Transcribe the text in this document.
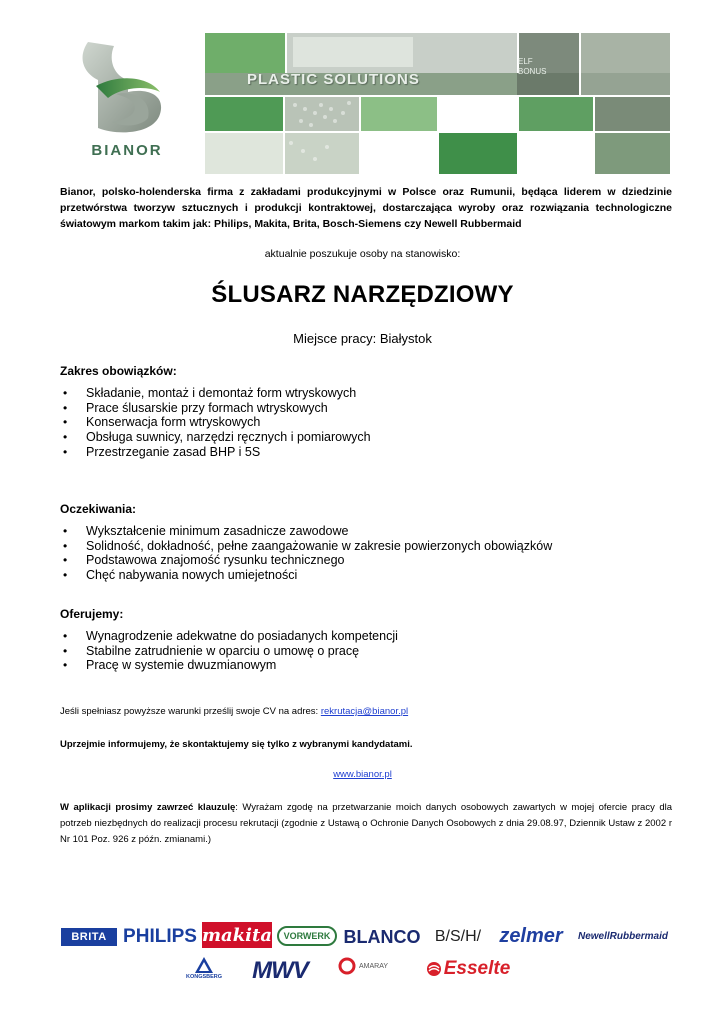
BIANOR
PLASTIC SOLUTIONS
ELF
BONUS
Bianor, polsko-holenderska firma z zakładami produkcyjnymi w Polsce oraz Rumunii, będąca liderem w dziedzinie przetwórstwa tworzyw sztucznych i produkcji kontraktowej, dostarczająca wyroby oraz rozwiązania technologiczne światowym markom takim jak: Philips, Makita, Brita, Bosch-Siemens czy Newell Rubbermaid
aktualnie poszukuje osoby na stanowisko:
ŚLUSARZ NARZĘDZIOWY
Miejsce pracy: Białystok
Zakres obowiązków:
• Składanie, montaż i demontaż form wtryskowych
• Prace ślusarskie przy formach wtryskowych
• Konserwacja form wtryskowych
• Obsługa suwnicy, narzędzi ręcznych i pomiarowych
• Przestrzeganie zasad BHP i 5S
Oczekiwania:
• Wykształcenie minimum zasadnicze zawodowe
• Solidność, dokładność, pełne zaangażowanie w zakresie powierzonych obowiązków
• Podstawowa znajomość rysunku technicznego
• Chęć nabywania nowych umiejetności
Oferujemy:
• Wynagrodzenie adekwatne do posiadanych kompetencji
• Stabilne zatrudnienie w oparciu o umowę o pracę
• Pracę w systemie dwuzmianowym
Jeśli spełniasz powyższe warunki prześlij swoje CV na adres: rekrutacja@bianor.pl
Uprzejmie informujemy, że skontaktujemy się tylko z wybranymi kandydatami.
www.bianor.pl
W aplikacji prosimy zawrzeć klauzulę: Wyrażam zgodę na przetwarzanie moich danych osobowych zawartych w mojej ofercie pracy dla potrzeb niezbędnych do realizacji procesu rekrutacji (zgodnie z Ustawą o Ochronie Danych Osobowych z dnia 29.08.97, Dziennik Ustaw z 2002 r Nr 101 Poz. 926 z późn. zmianami.)
BRITA PHILIPS makita VORWERK BLANCO B/S/H/ zelmer NewellRubbermaid
KONGSBERG MWV	AMARAY	Esselte
